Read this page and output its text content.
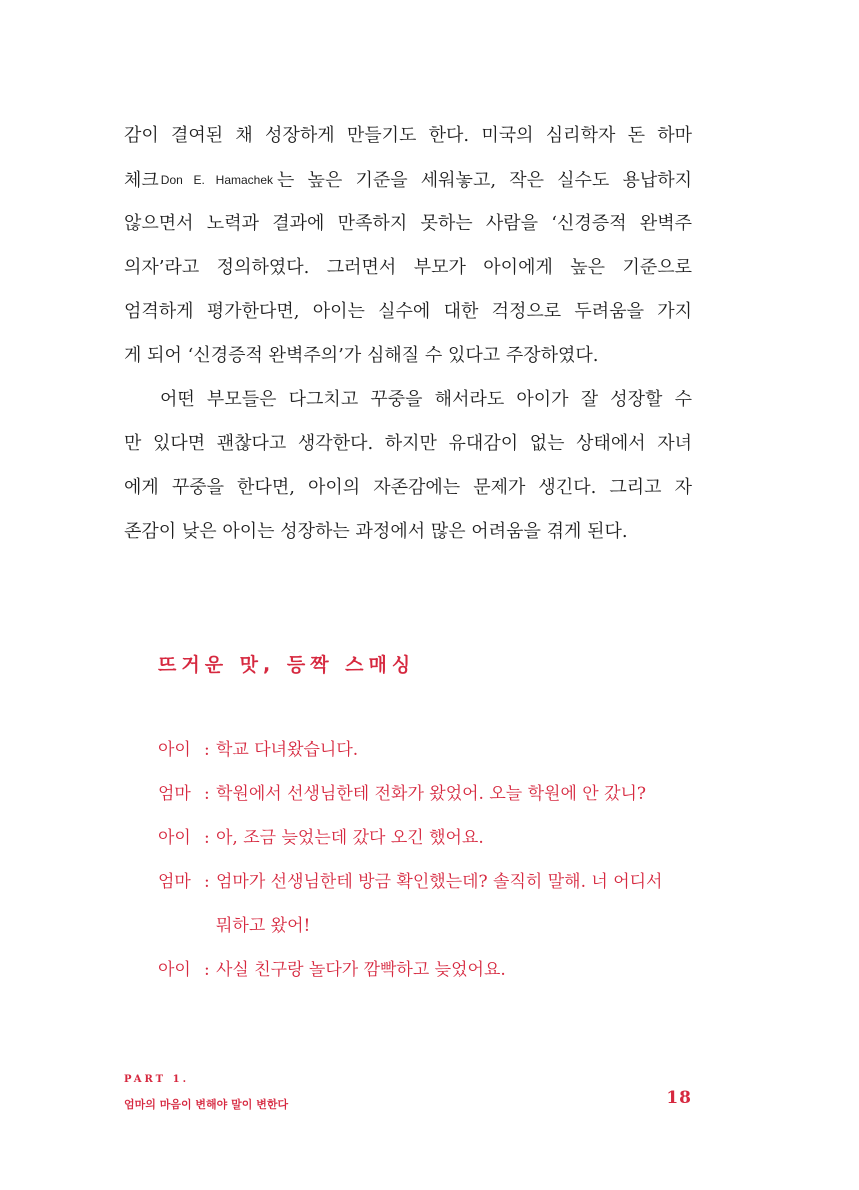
감이 결여된 채 성장하게 만들기도 한다. 미국의 심리학자 돈 하마
체크 Don E. Hamachek 는 높은 기준을 세워놓고, 작은 실수도 용납하지
않으면서 노력과 결과에 만족하지 못하는 사람을 ‘신경증적 완벽주
의자’라고 정의하였다. 그러면서 부모가 아이에게 높은 기준으로
엄격하게 평가한다면, 아이는 실수에 대한 걱정으로 두려움을 가지
게 되어 ‘신경증적 완벽주의’가 심해질 수 있다고 주장하였다.
어떤 부모들은 다그치고 꾸중을 해서라도 아이가 잘 성장할 수
만 있다면 괜찮다고 생각한다. 하지만 유대감이 없는 상태에서 자녀
에게 꾸중을 한다면, 아이의 자존감에는 문제가 생긴다. 그리고 자
존감이 낮은 아이는 성장하는 과정에서 많은 어려움을 겪게 된다.
뜨거운 맛, 등짝 스매싱
아이 : 학교 다녀왔습니다.
엄마 : 학원에서 선생님한테 전화가 왔었어. 오늘 학원에 안 갔니?
아이 : 아, 조금 늦었는데 갔다 오긴 했어요.
엄마 : 엄마가 선생님한테 방금 확인했는데? 솔직히 말해. 너 어디서
뭐하고 왔어!
아이 : 사실 친구랑 놀다가 깜빡하고 늦었어요.
PART 1.
엄마의 마음이 변해야 말이 변한다	18
